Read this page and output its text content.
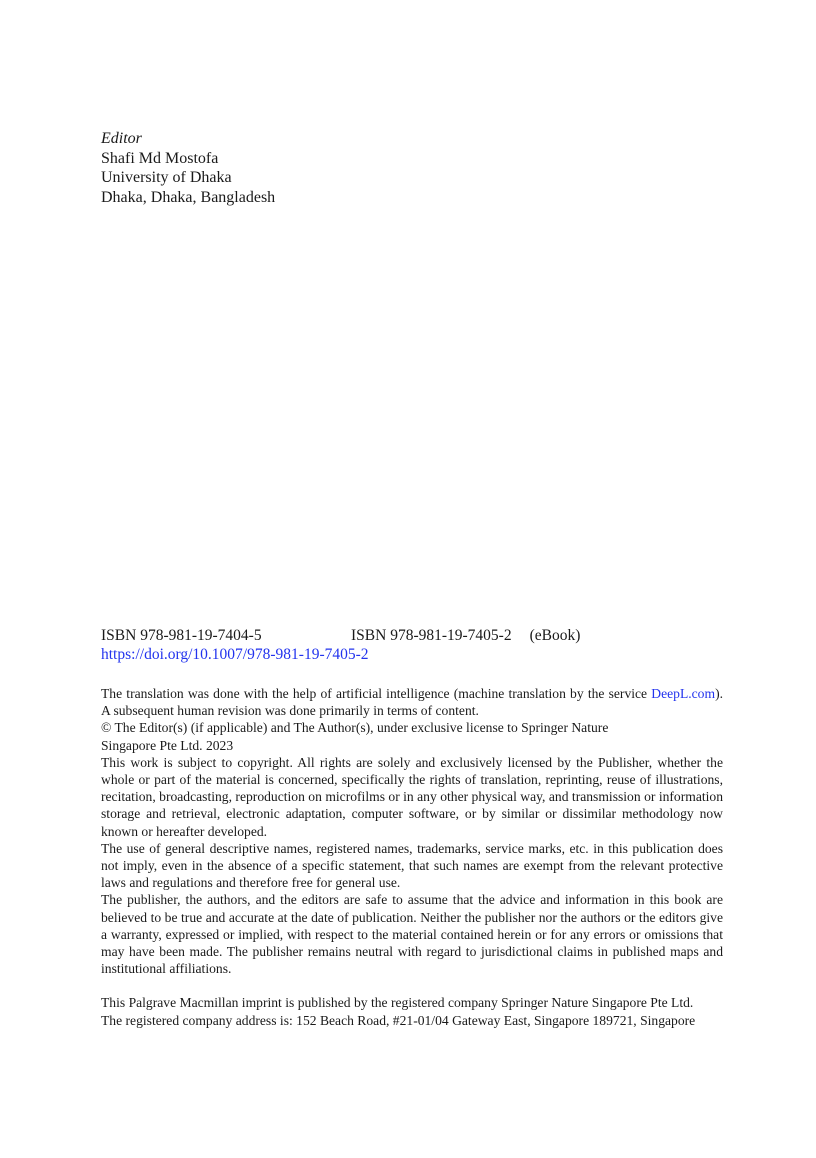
Editor
Shafi Md Mostofa
University of Dhaka
Dhaka, Dhaka, Bangladesh
ISBN 978-981-19-7404-5	ISBN 978-981-19-7405-2 (eBook)
https://doi.org/10.1007/978-981-19-7405-2

The translation was done with the help of artificial intelligence (machine translation by the service DeepL.com). A subsequent human revision was done primarily in terms of content.

© The Editor(s) (if applicable) and The Author(s), under exclusive license to Springer Nature

Singapore Pte Ltd. 2023

This work is subject to copyright. All rights are solely and exclusively licensed by the Publisher, whether the whole or part of the material is concerned, specifically the rights of translation, reprinting, reuse of illustrations, recitation, broadcasting, reproduction on microfilms or in any other physical way, and transmission or information storage and retrieval, electronic adaptation, computer software, or by similar or dissimilar methodology now known or hereafter developed.

The use of general descriptive names, registered names, trademarks, service marks, etc. in this publication does not imply, even in the absence of a specific statement, that such names are exempt from the relevant protective laws and regulations and therefore free for general use.

The publisher, the authors, and the editors are safe to assume that the advice and information in this book are believed to be true and accurate at the date of publication. Neither the publisher nor the authors or the editors give a warranty, expressed or implied, with respect to the material contained herein or for any errors or omissions that may have been made. The publisher remains neutral with regard to jurisdictional claims in published maps and institutional affiliations.

This Palgrave Macmillan imprint is published by the registered company Springer Nature Singapore Pte Ltd.

The registered company address is: 152 Beach Road, #21-01/04 Gateway East, Singapore 189721, Singapore
